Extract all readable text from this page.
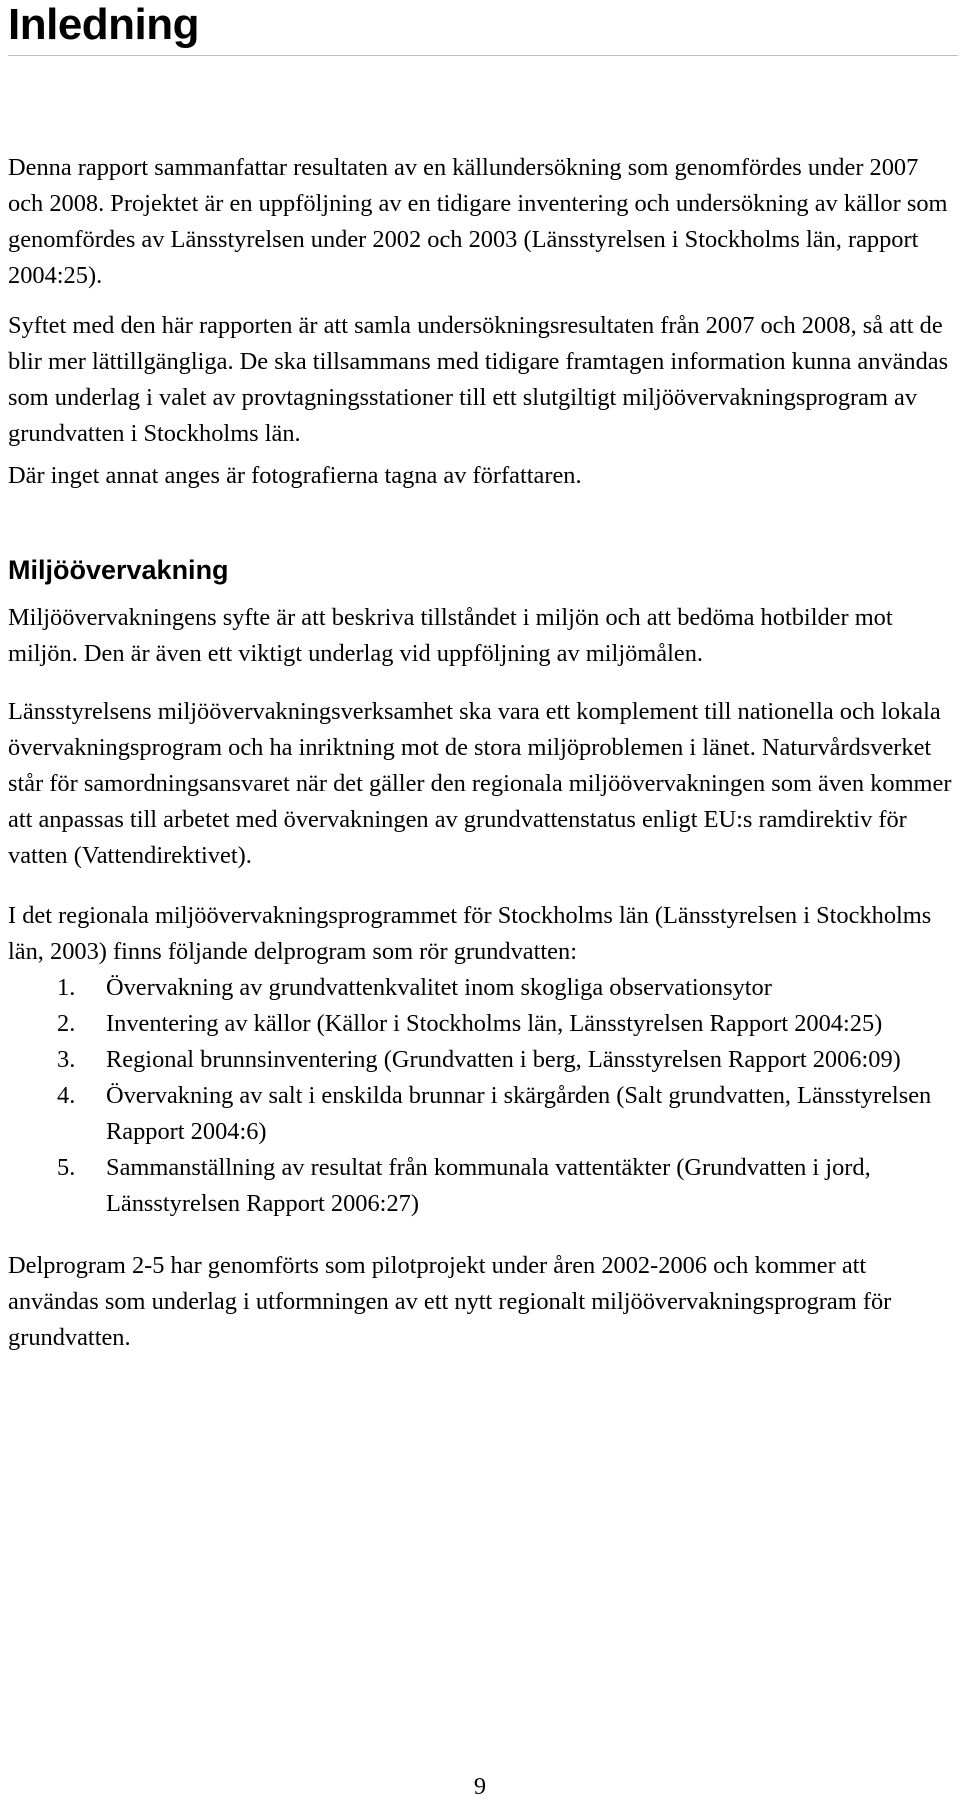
Inledning

Denna rapport sammanfattar resultaten av en källundersökning som genomfördes under 2007 och 2008. Projektet är en uppföljning av en tidigare inventering och undersökning av källor som genomfördes av Länsstyrelsen under 2002 och 2003 (Länsstyrelsen i Stockholms län, rapport 2004:25).

Syftet med den här rapporten är att samla undersökningsresultaten från 2007 och 2008, så att de blir mer lättillgängliga. De ska tillsammans med tidigare framtagen information kunna användas som underlag i valet av provtagningsstationer till ett slutgiltigt miljöövervakningsprogram av grundvatten i Stockholms län.

Där inget annat anges är fotografierna tagna av författaren.

Miljöövervakning

Miljöövervakningens syfte är att beskriva tillståndet i miljön och att bedöma hotbilder mot miljön. Den är även ett viktigt underlag vid uppföljning av miljömålen.

Länsstyrelsens miljöövervakningsverksamhet ska vara ett komplement till nationella och lokala övervakningsprogram och ha inriktning mot de stora miljöproblemen i länet. Naturvårdsverket står för samordningsansvaret när det gäller den regionala miljöövervakningen som även kommer att anpassas till arbetet med övervakningen av grundvattenstatus enligt EU:s ramdirektiv för vatten (Vattendirektivet).

I det regionala miljöövervakningsprogrammet för Stockholms län (Länsstyrelsen i Stockholms län, 2003) finns följande delprogram som rör grundvatten:

1. Övervakning av grundvattenkvalitet inom skogliga observationsytor
2. Inventering av källor (Källor i Stockholms län, Länsstyrelsen Rapport 2004:25)
3. Regional brunnsinventering (Grundvatten i berg, Länsstyrelsen Rapport 2006:09)
4. Övervakning av salt i enskilda brunnar i skärgården (Salt grundvatten, Länsstyrelsen Rapport 2004:6)
5. Sammanställning av resultat från kommunala vattentäkter (Grundvatten i jord, Länsstyrelsen Rapport 2006:27)

Delprogram 2-5 har genomförts som pilotprojekt under åren 2002-2006 och kommer att användas som underlag i utformningen av ett nytt regionalt miljöövervakningsprogram för grundvatten.

9
